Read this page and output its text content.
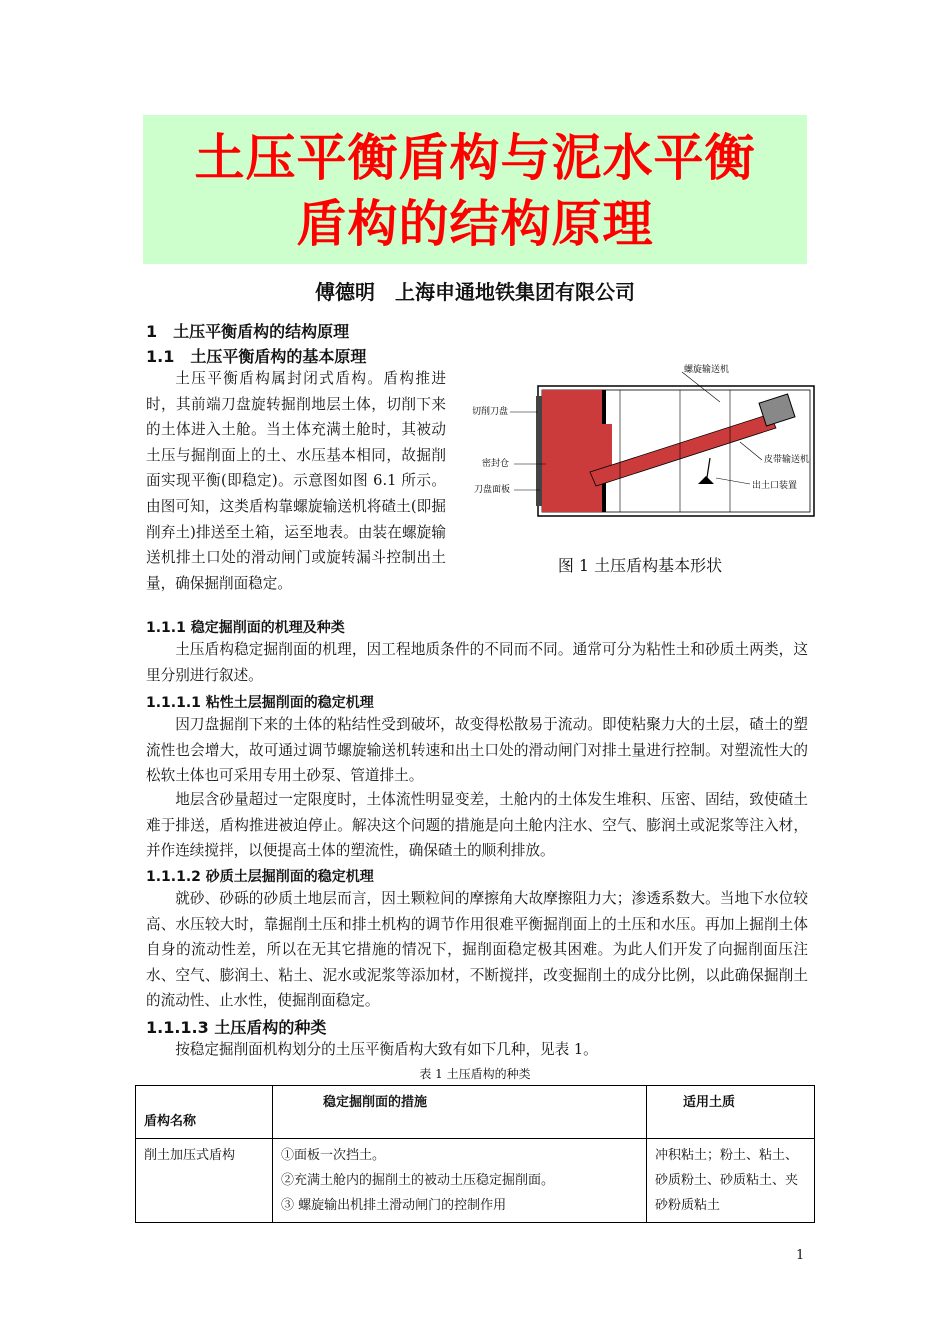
土压平衡盾构与泥水平衡
盾构的结构原理
傅德明　上海申通地铁集团有限公司
1　土压平衡盾构的结构原理
1.1　土压平衡盾构的基本原理

土压平衡盾构属封闭式盾构。盾构推进时，其前端刀盘旋转掘削地层土体，切削下来的土体进入土舱。当土体充满土舱时，其被动土压与掘削面上的土、水压基本相同，故掘削面实现平衡(即稳定)。示意图如图 6.1 所示。由图可知，这类盾构靠螺旋输送机将碴土(即掘削弃土)排送至土箱，运至地表。由装在螺旋输送机排土口处的滑动闸门或旋转漏斗控制出土量，确保掘削面稳定。

螺旋输送机
切削刀盘
密封仓
刀盘面板
皮带输送机
出土口装置
图 1 土压盾构基本形状
1.1.1 稳定掘削面的机理及种类

土压盾构稳定掘削面的机理，因工程地质条件的不同而不同。通常可分为粘性土和砂质土两类，这里分别进行叙述。

1.1.1.1 粘性土层掘削面的稳定机理

因刀盘掘削下来的土体的粘结性受到破坏，故变得松散易于流动。即使粘聚力大的土层，碴土的塑流性也会增大，故可通过调节螺旋输送机转速和出土口处的滑动闸门对排土量进行控制。对塑流性大的松软土体也可采用专用土砂泵、管道排土。

地层含砂量超过一定限度时，土体流性明显变差，土舱内的土体发生堆积、压密、固结，致使碴土难于排送，盾构推进被迫停止。解决这个问题的措施是向土舱内注水、空气、膨润土或泥浆等注入材，并作连续搅拌，以便提高土体的塑流性，确保碴土的顺利排放。

1.1.1.2 砂质土层掘削面的稳定机理

就砂、砂砾的砂质土地层而言，因土颗粒间的摩擦角大故摩擦阻力大；渗透系数大。当地下水位较高、水压较大时，靠掘削土压和排土机构的调节作用很难平衡掘削面上的土压和水压。再加上掘削土体自身的流动性差，所以在无其它措施的情况下，掘削面稳定极其困难。为此人们开发了向掘削面压注水、空气、膨润土、粘土、泥水或泥浆等添加材，不断搅拌，改变掘削土的成分比例，以此确保掘削土的流动性、止水性，使掘削面稳定。

1.1.1.3 土压盾构的种类

按稳定掘削面机构划分的土压平衡盾构大致有如下几种，见表 1。

表 1 土压盾构的种类
盾构名称	稳定掘削面的措施	适用土质
削土加压式盾构	①面板一次挡土。
②充满土舱内的掘削土的被动土压稳定掘削面。
③ 螺旋输出机排土滑动闸门的控制作用	冲积粘土；粉土、粘土、砂质粉土、砂质粘土、夹砂粉质粘土
1
